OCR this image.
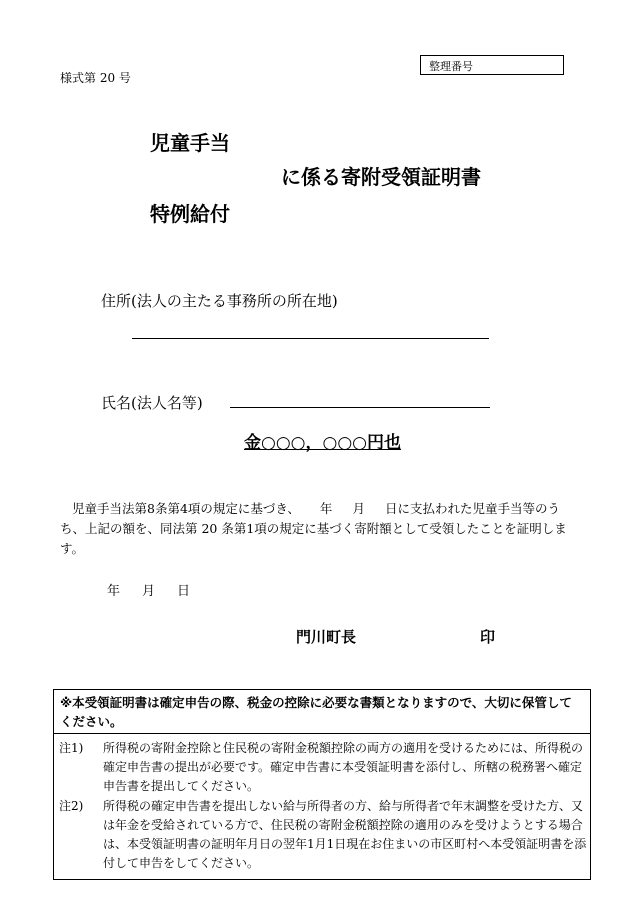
様式第 20 号
整理番号
児童手当
に係る寄附受領証明書
特例給付
住所(法人の主たる事務所の所在地)
氏名(法人名等)
金○○○，○○○円也
児童手当法第8条第4項の規定に基づき、 年 月 日に支払われた児童手当等のうち、上記の額を、同法第 20 条第1項の規定に基づく寄附額として受領したことを証明します。
年 月 日
門川町長	印
※本受領証明書は確定申告の際、税金の控除に必要な書類となりますので、大切に保管してください。
注1) 所得税の寄附金控除と住民税の寄附金税額控除の両方の適用を受けるためには、所得税の確定申告書の提出が必要です。確定申告書に本受領証明書を添付し、所轄の税務署へ確定申告書を提出してください。
注2) 所得税の確定申告書を提出しない給与所得者の方、給与所得者で年末調整を受けた方、又は年金を受給されている方で、住民税の寄附金税額控除の適用のみを受けようとする場合は、本受領証明書の証明年月日の翌年1月1日現在お住まいの市区町村へ本受領証明書を添付して申告をしてください。
